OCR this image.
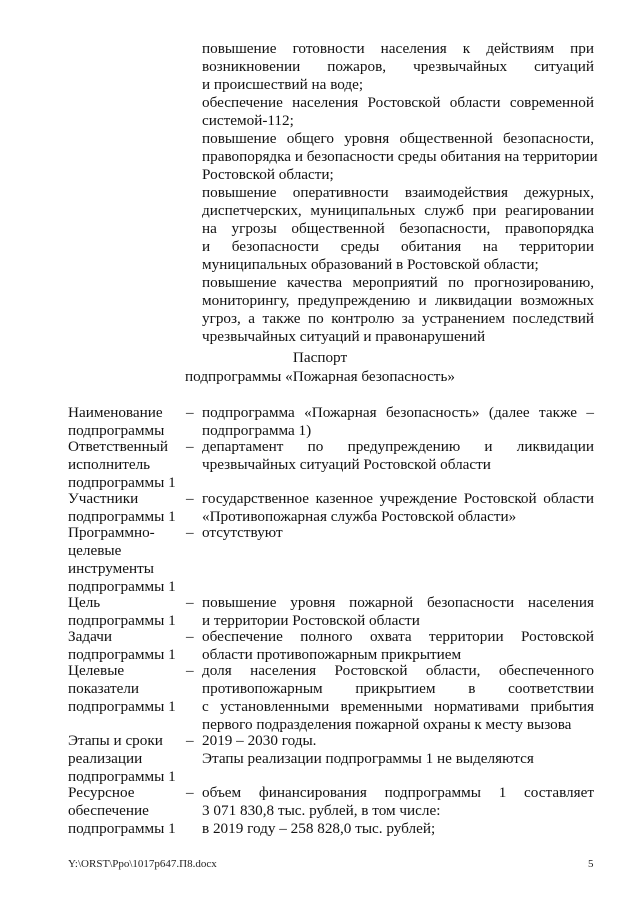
повышение готовности населения к действиям при
возникновении пожаров, чрезвычайных ситуаций
и происшествий на воде;
обеспечение населения Ростовской области современной
системой-112;
повышение общего уровня общественной безопасности,
правопорядка и безопасности среды обитания на территории
Ростовской области;
повышение оперативности взаимодействия дежурных,
диспетчерских, муниципальных служб при реагировании
на угрозы общественной безопасности, правопорядка
и безопасности среды обитания на территории
муниципальных образований в Ростовской области;
повышение качества мероприятий по прогнозированию,
мониторингу, предупреждению и ликвидации возможных
угроз, а также по контролю за устранением последствий
чрезвычайных ситуаций и правонарушений
Паспорт
подпрограммы «Пожарная безопасность»
Наименование
подпрограммы
– подпрограмма «Пожарная безопасность» (далее также –
подпрограмма 1)
Ответственный
исполнитель
подпрограммы 1
– департамент по предупреждению и ликвидации
чрезвычайных ситуаций Ростовской области
Участники
подпрограммы 1
– государственное казенное учреждение Ростовской области
«Противопожарная служба Ростовской области»
Программно-
целевые
инструменты
подпрограммы 1
– отсутствуют
Цель
подпрограммы 1
– повышение уровня пожарной безопасности населения
и территории Ростовской области
Задачи
подпрограммы 1
– обеспечение полного охвата территории Ростовской
области противопожарным прикрытием
Целевые
показатели
подпрограммы 1
– доля населения Ростовской области, обеспеченного
противопожарным прикрытием в соответствии
с установленными временными нормативами прибытия
первого подразделения пожарной охраны к месту вызова
Этапы и сроки
реализации
подпрограммы 1
– 2019 – 2030 годы.
Этапы реализации подпрограммы 1 не выделяются
Ресурсное
обеспечение
подпрограммы 1
– объем финансирования подпрограммы 1 составляет
3 071 830,8 тыс. рублей, в том числе:
в 2019 году – 258 828,0 тыс. рублей;
Y:\ORST\Ppo\1017p647.П8.docx	5
